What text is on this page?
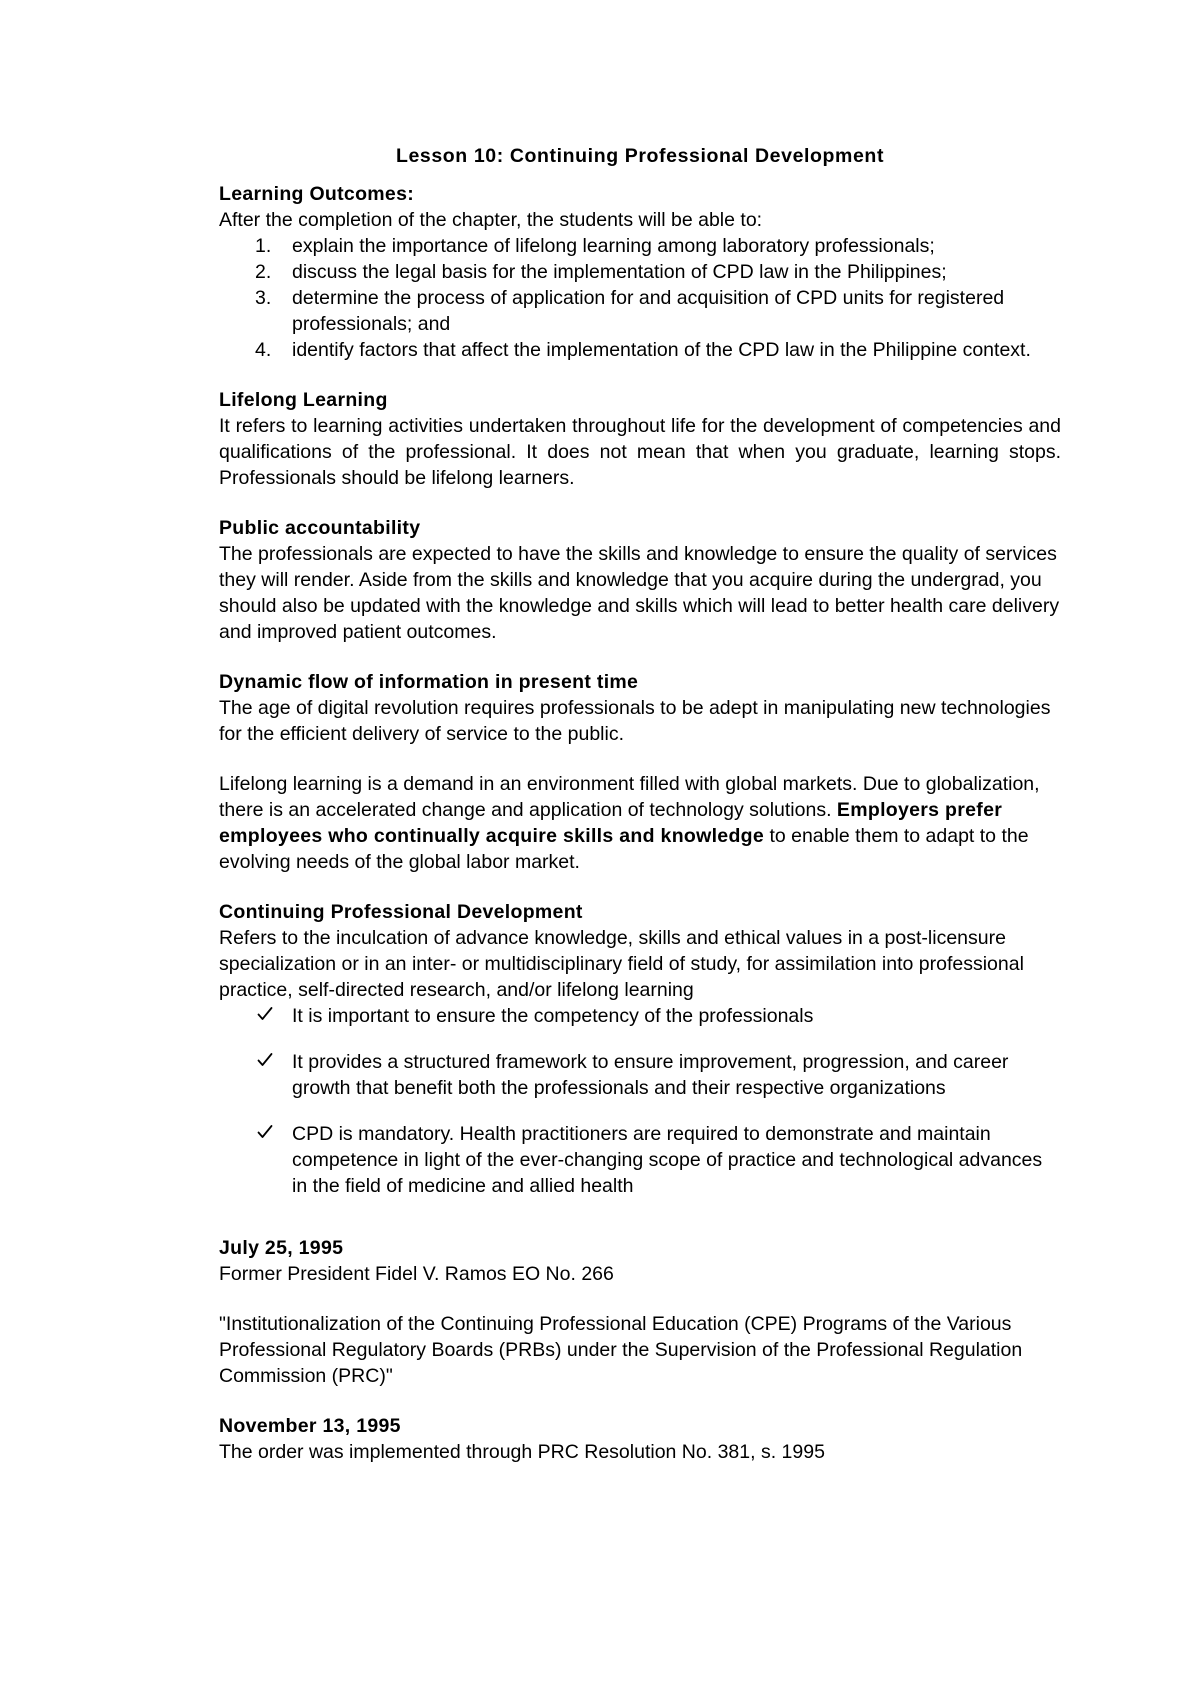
Lesson 10: Continuing Professional Development

Learning Outcomes:

After the completion of the chapter, the students will be able to:

1. explain the importance of lifelong learning among laboratory professionals;
2. discuss the legal basis for the implementation of CPD law in the Philippines;
3. determine the process of application for and acquisition of CPD units for registered professionals; and
4. identify factors that affect the implementation of the CPD law in the Philippine context.

Lifelong Learning

It refers to learning activities undertaken throughout life for the development of competencies and qualifications of the professional. It does not mean that when you graduate, learning stops. Professionals should be lifelong learners.

Public accountability

The professionals are expected to have the skills and knowledge to ensure the quality of services they will render. Aside from the skills and knowledge that you acquire during the undergrad, you should also be updated with the knowledge and skills which will lead to better health care delivery and improved patient outcomes.

Dynamic flow of information in present time

The age of digital revolution requires professionals to be adept in manipulating new technologies for the efficient delivery of service to the public.

Lifelong learning is a demand in an environment filled with global markets. Due to globalization, there is an accelerated change and application of technology solutions. Employers prefer employees who continually acquire skills and knowledge to enable them to adapt to the evolving needs of the global labor market.

Continuing Professional Development

Refers to the inculcation of advance knowledge, skills and ethical values in a post-licensure specialization or in an inter- or multidisciplinary field of study, for assimilation into professional practice, self-directed research, and/or lifelong learning

It is important to ensure the competency of the professionals
It provides a structured framework to ensure improvement, progression, and career growth that benefit both the professionals and their respective organizations
CPD is mandatory. Health practitioners are required to demonstrate and maintain competence in light of the ever-changing scope of practice and technological advances in the field of medicine and allied health

July 25, 1995

Former President Fidel V. Ramos EO No. 266

"Institutionalization of the Continuing Professional Education (CPE) Programs of the Various Professional Regulatory Boards (PRBs) under the Supervision of the Professional Regulation Commission (PRC)"

November 13, 1995

The order was implemented through PRC Resolution No. 381, s. 1995
